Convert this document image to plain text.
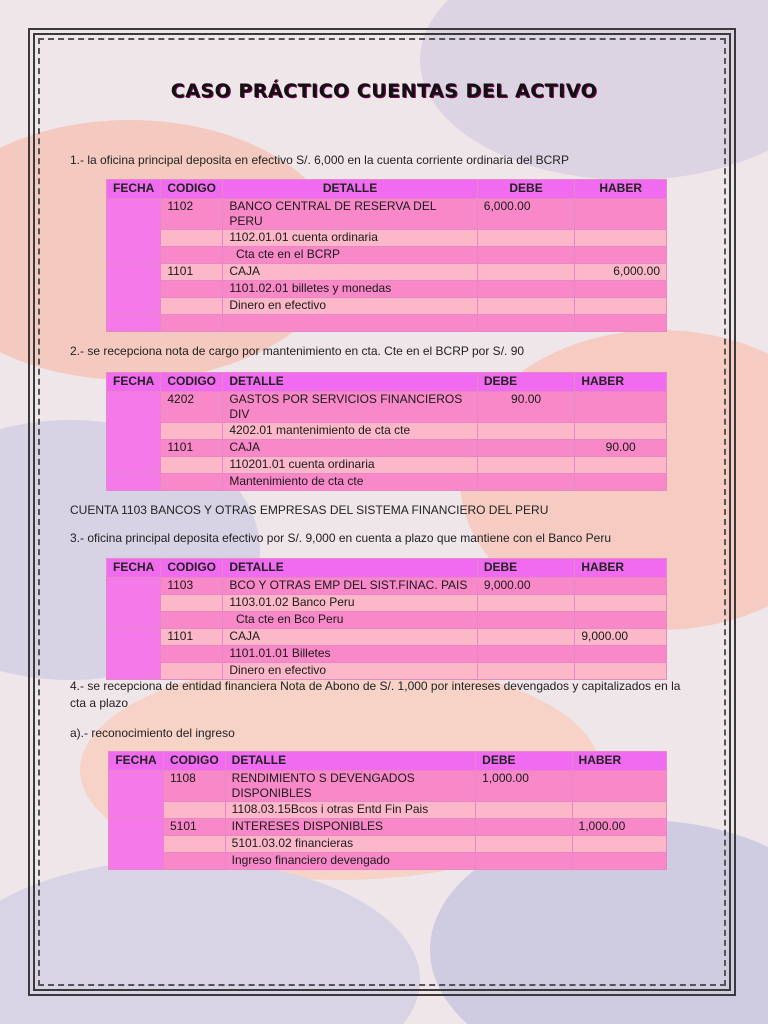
CASO PRÁCTICO CUENTAS DEL ACTIVO
1.- la oficina principal deposita en efectivo S/. 6,000 en la cuenta corriente ordinaria del BCRP
FECHA	CODIGO	DETALLE	DEBE	HABER
	1102	BANCO CENTRAL DE RESERVA DEL PERU	6,000.00	
		1102.01.01 cuenta ordinaria		
		Cta cte en el BCRP		
	1101	CAJA		6,000.00
		1101.02.01 billetes y monedas		
		Dinero en efectivo		

2.- se recepciona nota de cargo por mantenimiento en cta. Cte en el BCRP por S/. 90
FECHA	CODIGO	DETALLE	DEBE	HABER
	4202	GASTOS POR SERVICIOS FINANCIEROS DIV	90.00	
		4202.01 mantenimiento de cta cte		
	1101	CAJA		90.00
		110201.01 cuenta ordinaria		
		Mantenimiento de cta cte		
CUENTA 1103 BANCOS Y OTRAS EMPRESAS DEL SISTEMA FINANCIERO DEL PERU
3.- oficina principal deposita efectivo por S/. 9,000 en cuenta a plazo que mantiene con el Banco Peru
FECHA	CODIGO	DETALLE	DEBE	HABER
	1103	BCO Y OTRAS EMP DEL SIST.FINAC. PAIS	9,000.00	
		1103.01.02 Banco Peru		
		Cta cte en Bco Peru		
	1101	CAJA		9,000.00
		1101.01.01 Billetes		
		Dinero en efectivo		
4.- se recepciona de entidad financiera Nota de Abono de S/. 1,000 por intereses devengados y capitalizados en la cta a plazo
a).- reconocimiento del ingreso
FECHA	CODIGO	DETALLE	DEBE	HABER
	1108	RENDIMIENTO S DEVENGADOS DISPONIBLES	1,000.00	
		1108.03.15Bcos i otras Entd Fin Pais		
	5101	INTERESES DISPONIBLES		1,000.00
		5101.03.02 financieras		
		Ingreso financiero devengado		
